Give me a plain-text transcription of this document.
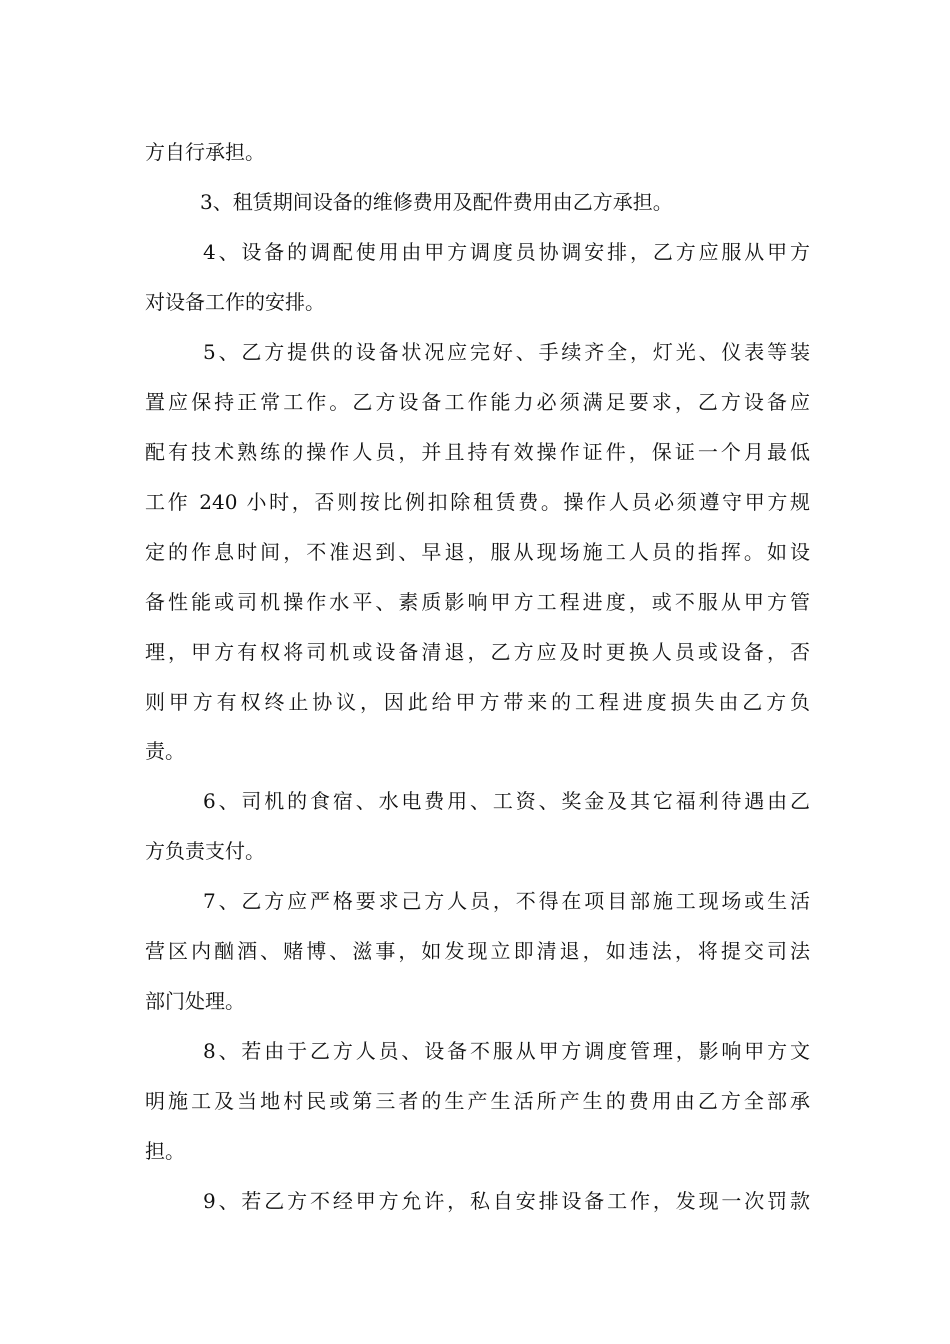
方自行承担。
3、租赁期间设备的维修费用及配件费用由乙方承担。
4、设备的调配使用由甲方调度员协调安排，乙方应服从甲方
对设备工作的安排。
5、乙方提供的设备状况应完好、手续齐全，灯光、仪表等装
置应保持正常工作。乙方设备工作能力必须满足要求，乙方设备应
配有技术熟练的操作人员，并且持有效操作证件，保证一个月最低
工作 240 小时，否则按比例扣除租赁费。操作人员必须遵守甲方规
定的作息时间，不准迟到、早退，服从现场施工人员的指挥。如设
备性能或司机操作水平、素质影响甲方工程进度，或不服从甲方管
理，甲方有权将司机或设备清退，乙方应及时更换人员或设备，否
则甲方有权终止协议，因此给甲方带来的工程进度损失由乙方负
责。
6、司机的食宿、水电费用、工资、奖金及其它福利待遇由乙
方负责支付。
7、乙方应严格要求己方人员，不得在项目部施工现场或生活
营区内酗酒、赌博、滋事，如发现立即清退，如违法，将提交司法
部门处理。
8、若由于乙方人员、设备不服从甲方调度管理，影响甲方文
明施工及当地村民或第三者的生产生活所产生的费用由乙方全部承
担。
9、若乙方不经甲方允许，私自安排设备工作，发现一次罚款
